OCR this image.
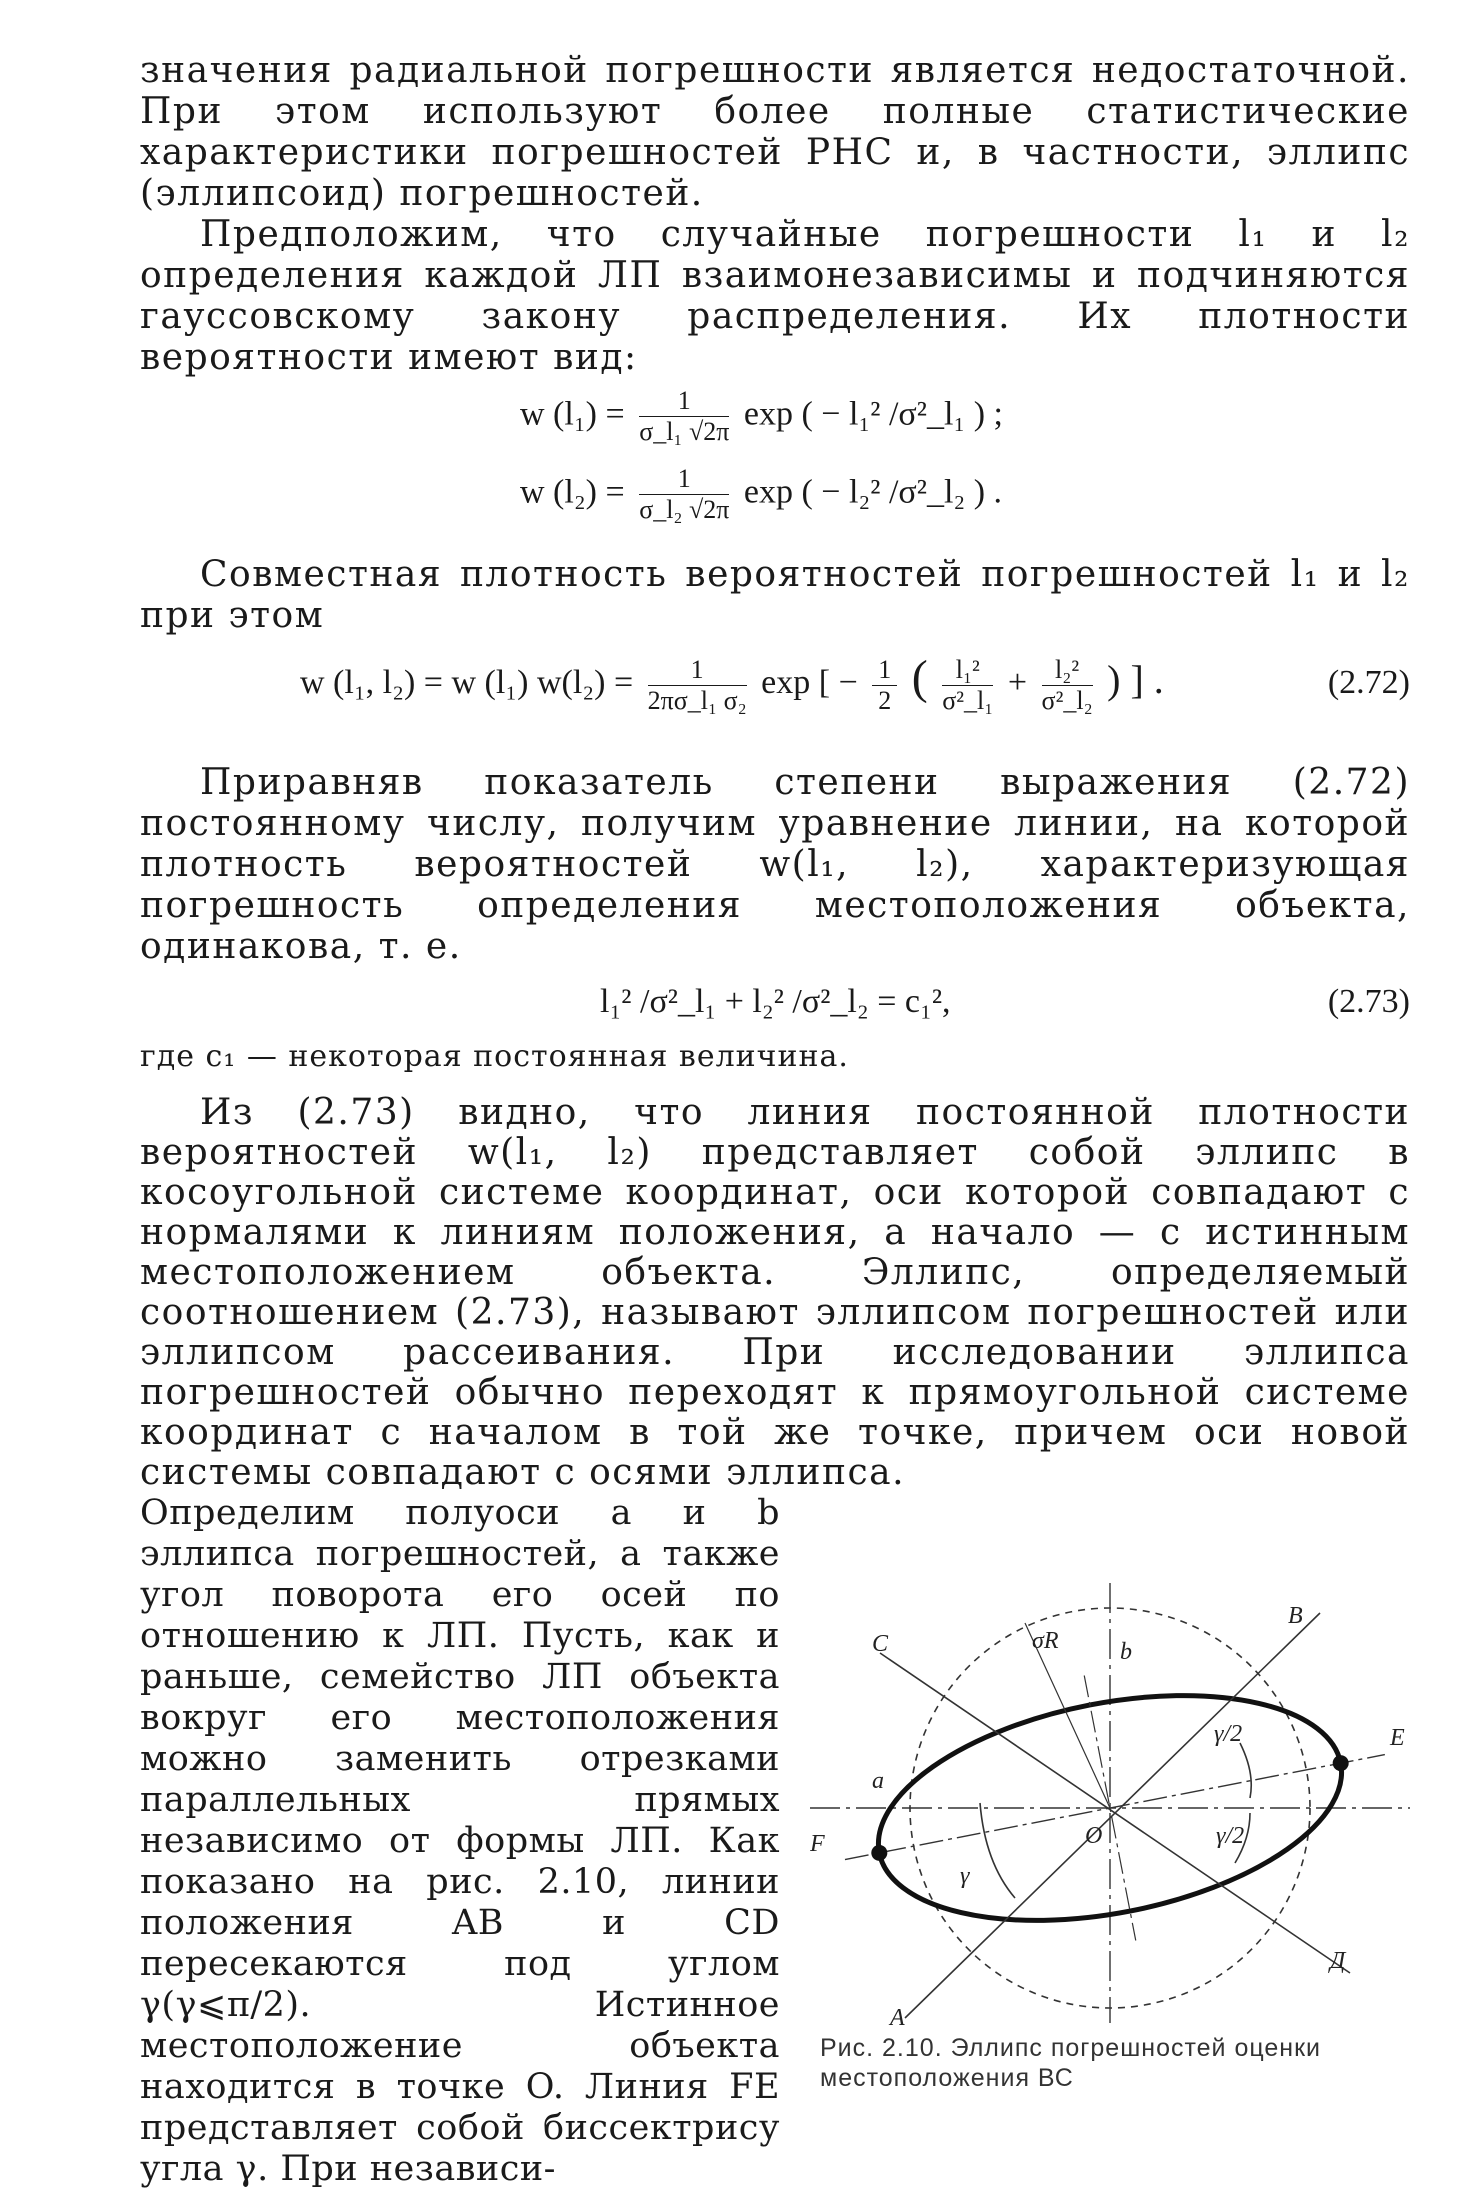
значения радиальной погрешности является недостаточной. При этом используют более полные статистические характеристики погрешностей РНС и, в частности, эллипс (эллипсоид) погрешностей.

Предположим, что случайные погрешности l₁ и l₂ определения каждой ЛП взаимонезависимы и подчиняются гауссовскому закону распределения. Их плотности вероятности имеют вид:

w $(l_1) = \frac{1}{\text{σ\_l₁ √2π}}$ exp ( − l₁² /σ²_l₁ ) ;
w $(l_2) = \frac{1}{\text{σ\_l₂ √2π}}$ exp ( − l₂² /σ²_l₂ ) .

Совместная плотность вероятностей погрешностей l₁ и l₂ при этом

w (l₁, l₂) = w (l₁) $w(l_2) = \frac{1}{\text{2πσ\_l₁ σ₂}}$ exp [ − $\frac{1}{2}$ ( $\frac{\text{l₁²}}{\text{σ²\_l₁}} + \frac{\text{l₂²}}{\text{σ²\_l₂}}$ ) ] .	(2.72)

Приравняв показатель степени выражения (2.72) постоянному числу, получим уравнение линии, на которой плотность вероятностей w(l₁, l₂), характеризующая погрешность определения местоположения объекта, одинакова, т. е.

l₁² /σ²_l₁ + l₂² /σ²_l₂ = c₁²,	(2.73)

где c₁ — некоторая постоянная величина.

Из (2.73) видно, что линия постоянной плотности вероятностей w(l₁, l₂) представляет собой эллипс в косоугольной системе координат, оси которой совпадают с нормалями к линиям положения, а начало — с истинным местоположением объекта. Эллипс, определяемый соотношением (2.73), называют эллипсом погрешностей или эллипсом рассеивания. При исследовании эллипса погрешностей обычно переходят к прямоугольной системе координат с началом в той же точке, причем оси новой системы совпадают с осями эллипса.

Определим полуоси a и b эллипса погрешностей, а также угол поворота его осей по отношению к ЛП. Пусть, как и раньше, семейство ЛП объекта вокруг его местоположения можно заменить отрезками параллельных прямых независимо от формы ЛП. Как показано на рис. 2.10, линии положения AB и CD пересекаются под углом γ(γ⩽π/2). Истинное местоположение объекта находится в точке O. Линия FE представляет собой биссектрису угла γ. При независи-

σR	b
B
C
E
a
γ/2
γ/2
γ
O
F
Д
A
Рис. 2.10. Эллипс погрешностей оценки местоположения ВС
